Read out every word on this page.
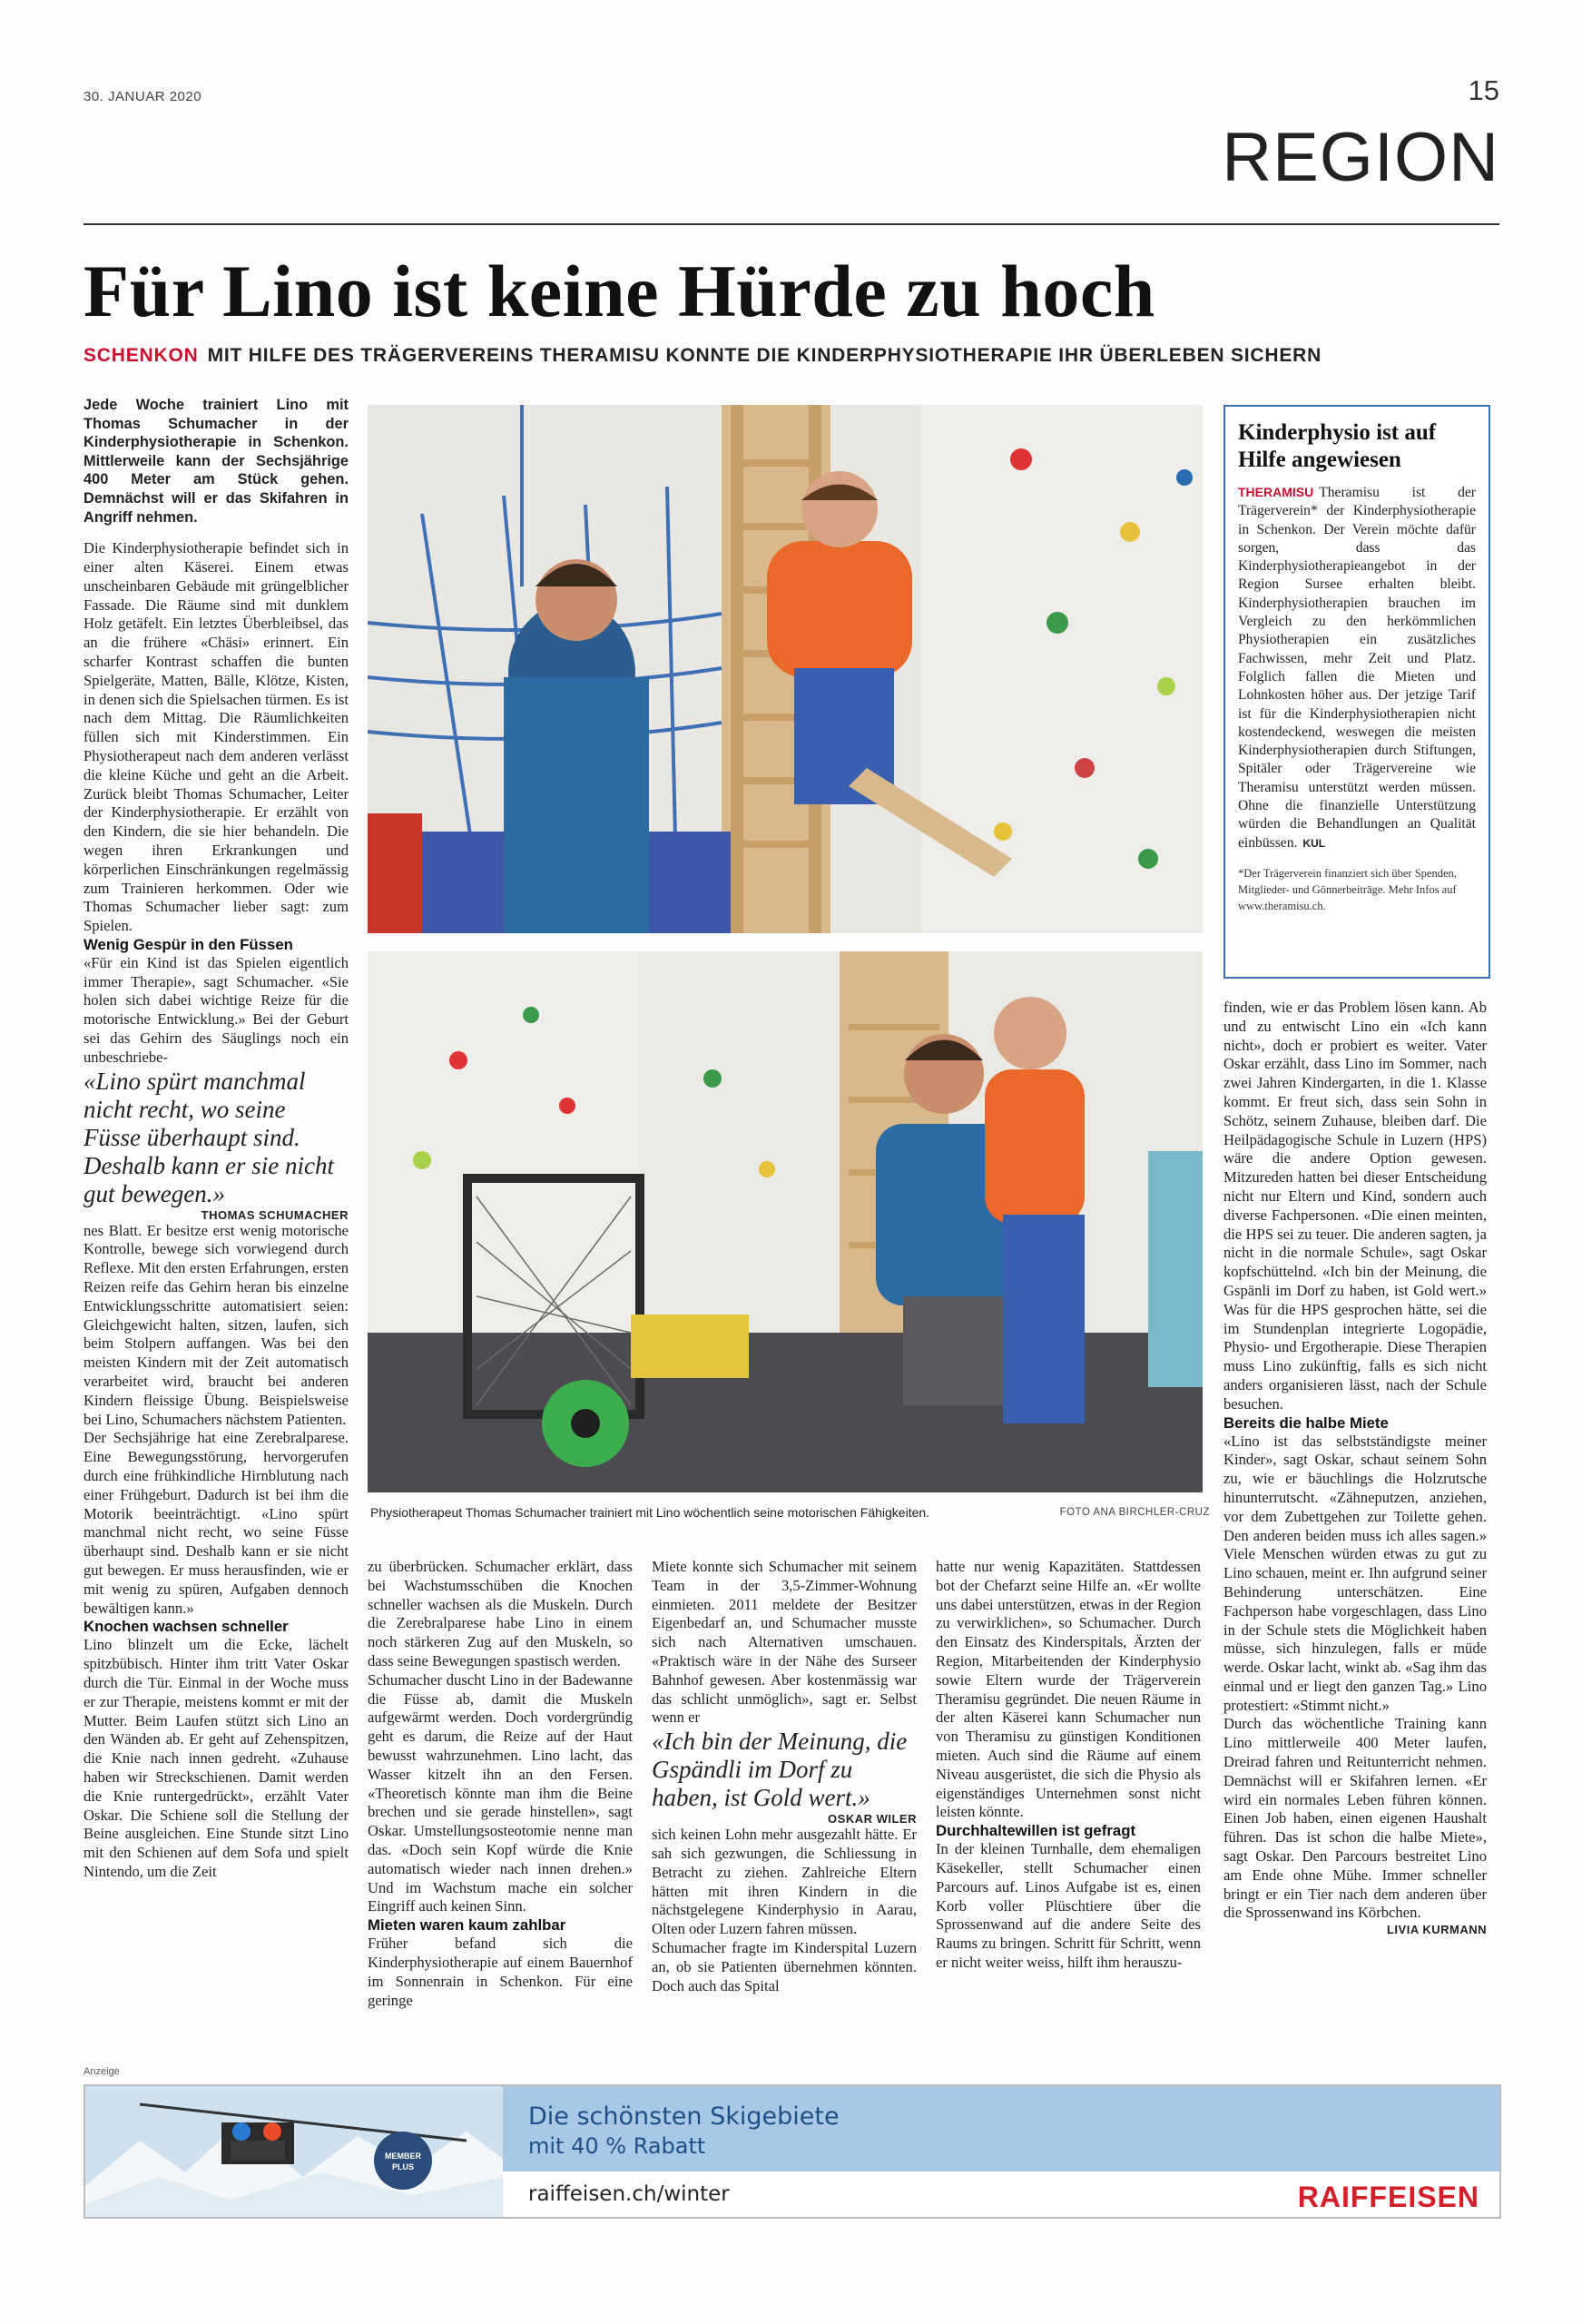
30. JANUAR 2020	15
REGION
Für Lino ist keine Hürde zu hoch
SCHENKON MIT HILFE DES TRÄGERVEREINS THERAMISU KONNTE DIE KINDERPHYSIOTHERAPIE IHR ÜBERLEBEN SICHERN

Jede Woche trainiert Lino mit Thomas Schumacher in der Kinderphysiotherapie in Schenkon. Mittlerweile kann der Sechsjährige 400 Meter am Stück gehen. Demnächst will er das Skifahren in Angriff nehmen.

Die Kinderphysiotherapie befindet sich in einer alten Käserei. Einem etwas unscheinbaren Gebäude mit grüngelblicher Fassade. Die Räume sind mit dunklem Holz getäfelt. Ein letztes Überbleibsel, das an die frühere «Chäsi» erinnert. Ein scharfer Kontrast schaffen die bunten Spielgeräte, Matten, Bälle, Klötze, Kisten, in denen sich die Spielsachen türmen. Es ist nach dem Mittag. Die Räumlichkeiten füllen sich mit Kinderstimmen. Ein Physiotherapeut nach dem anderen verlässt die kleine Küche und geht an die Arbeit. Zurück bleibt Thomas Schumacher, Leiter der Kinderphysiotherapie. Er erzählt von den Kindern, die sie hier behandeln. Die wegen ihren Erkrankungen und körperlichen Einschränkungen regelmässig zum Trainieren herkommen. Oder wie Thomas Schumacher lieber sagt: zum Spielen.

Wenig Gespür in den Füssen

«Für ein Kind ist das Spielen eigentlich immer Therapie», sagt Schumacher. «Sie holen sich dabei wichtige Reize für die motorische Entwicklung.» Bei der Geburt sei das Gehirn des Säuglings noch ein unbeschriebe-

«Lino spürt manchmal nicht recht, wo seine Füsse überhaupt sind. Deshalb kann er sie nicht gut bewegen.»

THOMAS SCHUMACHER

nes Blatt. Er besitze erst wenig motorische Kontrolle, bewege sich vorwiegend durch Reflexe. Mit den ersten Erfahrungen, ersten Reizen reife das Gehirn heran bis einzelne Entwicklungsschritte automatisiert seien: Gleichgewicht halten, sitzen, laufen, sich beim Stolpern auffangen. Was bei den meisten Kindern mit der Zeit automatisch verarbeitet wird, braucht bei anderen Kindern fleissige Übung. Beispielsweise bei Lino, Schumachers nächstem Patienten.

Der Sechsjährige hat eine Zerebralparese. Eine Bewegungsstörung, hervorgerufen durch eine frühkindliche Hirnblutung nach einer Frühgeburt. Dadurch ist bei ihm die Motorik beeinträchtigt. «Lino spürt manchmal nicht recht, wo seine Füsse überhaupt sind. Deshalb kann er sie nicht gut bewegen. Er muss herausfinden, wie er mit wenig zu spüren, Aufgaben dennoch bewältigen kann.»

Knochen wachsen schneller

Lino blinzelt um die Ecke, lächelt spitzbübisch. Hinter ihm tritt Vater Oskar durch die Tür. Einmal in der Woche muss er zur Therapie, meistens kommt er mit der Mutter. Beim Laufen stützt sich Lino an den Wänden ab. Er geht auf Zehenspitzen, die Knie nach innen gedreht. «Zuhause haben wir Streckschienen. Damit werden die Knie runtergedrückt», erzählt Vater Oskar. Die Schiene soll die Stellung der Beine ausgleichen. Eine Stunde sitzt Lino mit den Schienen auf dem Sofa und spielt Nintendo, um die Zeit

Physiotherapeut Thomas Schumacher trainiert mit Lino wöchentlich seine motorischen Fähigkeiten.	FOTO ANA BIRCHLER-CRUZ

zu überbrücken. Schumacher erklärt, dass bei Wachstumsschüben die Knochen schneller wachsen als die Muskeln. Durch die Zerebralparese habe Lino in einem noch stärkeren Zug auf den Muskeln, so dass seine Bewegungen spastisch werden.

Schumacher duscht Lino in der Badewanne die Füsse ab, damit die Muskeln aufgewärmt werden. Doch vordergründig geht es darum, die Reize auf der Haut bewusst wahrzunehmen. Lino lacht, das Wasser kitzelt ihn an den Fersen. «Theoretisch könnte man ihm die Beine brechen und sie gerade hinstellen», sagt Oskar. Umstellungsosteotomie nenne man das. «Doch sein Kopf würde die Knie automatisch wieder nach innen drehen.» Und im Wachstum mache ein solcher Eingriff auch keinen Sinn.

Mieten waren kaum zahlbar

Früher befand sich die Kinderphysiotherapie auf einem Bauernhof im Sonnenrain in Schenkon. Für eine geringe

Miete konnte sich Schumacher mit seinem Team in der 3,5-Zimmer-Wohnung einmieten. 2011 meldete der Besitzer Eigenbedarf an, und Schumacher musste sich nach Alternativen umschauen. «Praktisch wäre in der Nähe des Surseer Bahnhof gewesen. Aber kostenmässig war das schlicht unmöglich», sagt er. Selbst wenn er

«Ich bin der Meinung, die Gspändli im Dorf zu haben, ist Gold wert.»

OSKAR WILER

sich keinen Lohn mehr ausgezahlt hätte. Er sah sich gezwungen, die Schliessung in Betracht zu ziehen. Zahlreiche Eltern hätten mit ihren Kindern in die nächstgelegene Kinderphysio in Aarau, Olten oder Luzern fahren müssen.

Schumacher fragte im Kinderspital Luzern an, ob sie Patienten übernehmen könnten. Doch auch das Spital

hatte nur wenig Kapazitäten. Stattdessen bot der Chefarzt seine Hilfe an. «Er wollte uns dabei unterstützen, etwas in der Region zu verwirklichen», so Schumacher. Durch den Einsatz des Kinderspitals, Ärzten der Region, Mitarbeitenden der Kinderphysio sowie Eltern wurde der Trägerverein Theramisu gegründet. Die neuen Räume in der alten Käserei kann Schumacher nun von Theramisu zu günstigen Konditionen mieten. Auch sind die Räume auf einem Niveau ausgerüstet, die sich die Physio als eigenständiges Unternehmen sonst nicht leisten könnte.

Durchhaltewillen ist gefragt

In der kleinen Turnhalle, dem ehemaligen Käsekeller, stellt Schumacher einen Parcours auf. Linos Aufgabe ist es, einen Korb voller Plüschtiere über die Sprossenwand auf die andere Seite des Raums zu bringen. Schritt für Schritt, wenn er nicht weiter weiss, hilft ihm herauszu-

finden, wie er das Problem lösen kann. Ab und zu entwischt Lino ein «Ich kann nicht», doch er probiert es weiter. Vater Oskar erzählt, dass Lino im Sommer, nach zwei Jahren Kindergarten, in die 1. Klasse kommt. Er freut sich, dass sein Sohn in Schötz, seinem Zuhause, bleiben darf. Die Heilpädagogische Schule in Luzern (HPS) wäre die andere Option gewesen. Mitzureden hatten bei dieser Entscheidung nicht nur Eltern und Kind, sondern auch diverse Fachpersonen. «Die einen meinten, die HPS sei zu teuer. Die anderen sagten, ja nicht in die normale Schule», sagt Oskar kopfschüttelnd. «Ich bin der Meinung, die Gspänli im Dorf zu haben, ist Gold wert.» Was für die HPS gesprochen hätte, sei die im Stundenplan integrierte Logopädie, Physio- und Ergotherapie. Diese Therapien muss Lino zukünftig, falls es sich nicht anders organisieren lässt, nach der Schule besuchen.

Bereits die halbe Miete

«Lino ist das selbstständigste meiner Kinder», sagt Oskar, schaut seinem Sohn zu, wie er bäuchlings die Holzrutsche hinunterrutscht. «Zähneputzen, anziehen, vor dem Zubettgehen zur Toilette gehen. Den anderen beiden muss ich alles sagen.» Viele Menschen würden etwas zu gut zu Lino schauen, meint er. Ihn aufgrund seiner Behinderung unterschätzen. Eine Fachperson habe vorgeschlagen, dass Lino in der Schule stets die Möglichkeit haben müsse, sich hinzulegen, falls er müde werde. Oskar lacht, winkt ab. «Sag ihm das einmal und er liegt den ganzen Tag.» Lino protestiert: «Stimmt nicht.»

Durch das wöchentliche Training kann Lino mittlerweile 400 Meter laufen, Dreirad fahren und Reitunterricht nehmen. Demnächst will er Skifahren lernen. «Er wird ein normales Leben führen können. Einen Job haben, einen eigenen Haushalt führen. Das ist schon die halbe Miete», sagt Oskar. Den Parcours bestreitet Lino am Ende ohne Mühe. Immer schneller bringt er ein Tier nach dem anderen über die Sprossenwand ins Körbchen.

LIVIA KURMANN

Kinderphysio ist auf Hilfe angewiesen
THERAMISU Theramisu ist der Trägerverein* der Kinderphysiotherapie in Schenkon. Der Verein möchte dafür sorgen, dass das Kinderphysiotherapieangebot in der Region Sursee erhalten bleibt. Kinderphysiotherapien brauchen im Vergleich zu den herkömmlichen Physiotherapien ein zusätzliches Fachwissen, mehr Zeit und Platz. Folglich fallen die Mieten und Lohnkosten höher aus. Der jetzige Tarif ist für die Kinderphysiotherapien nicht kostendeckend, weswegen die meisten Kinderphysiotherapien durch Stiftungen, Spitäler oder Trägervereine wie Theramisu unterstützt werden müssen. Ohne die finanzielle Unterstützung würden die Behandlungen an Qualität einbüssen. KUL
*Der Trägerverein finanziert sich über Spenden, Mitglieder- und Gönnerbeiträge. Mehr Infos auf www.theramisu.ch.
Anzeige
MEMBER
PLUS
Die schönsten Skigebiete
mit 40 % Rabatt
raiffeisen.ch/winter	RAIFFEISEN
